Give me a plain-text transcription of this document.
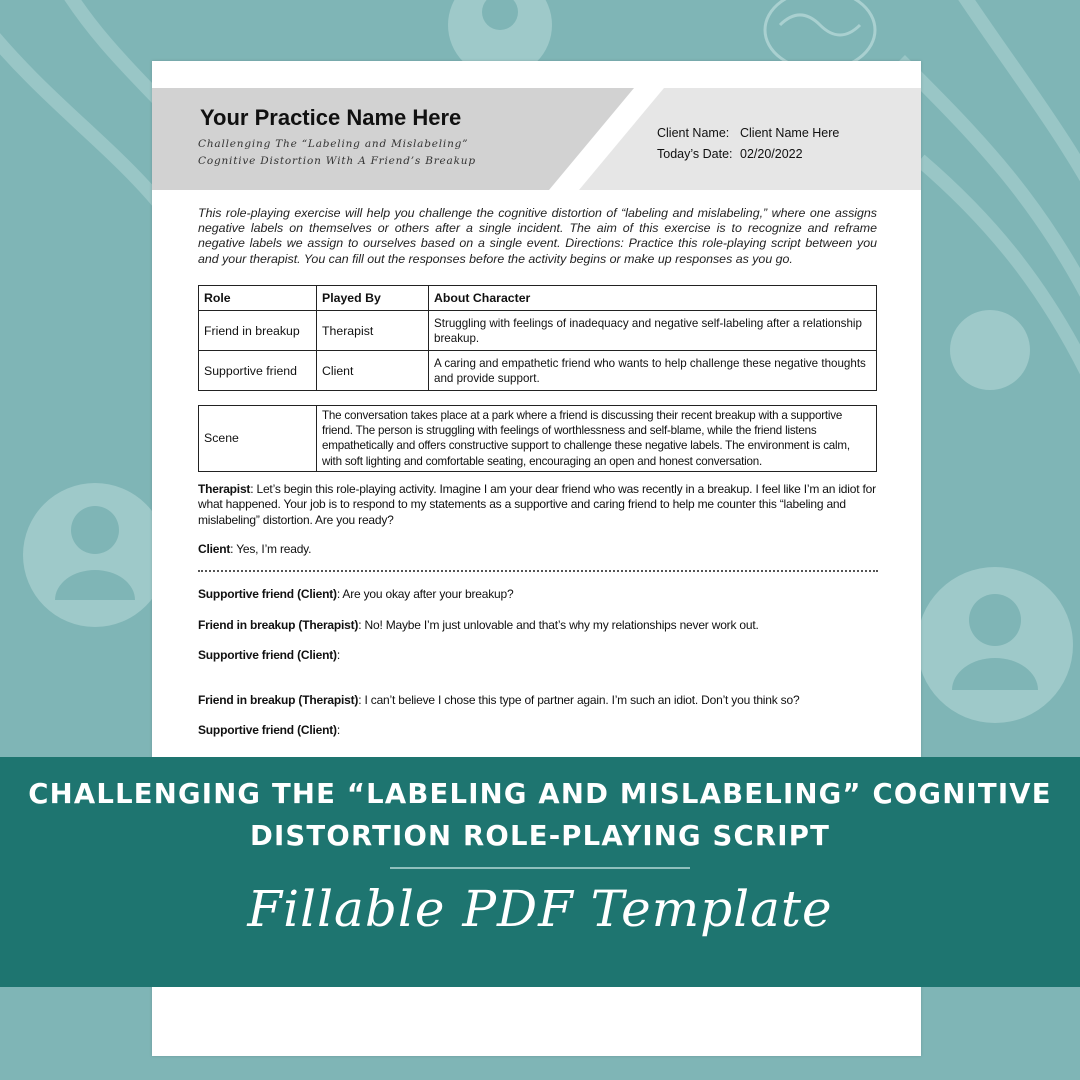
Your Practice Name Here
Challenging The “Labeling and Mislabeling”
Cognitive Distortion With A Friend’s Breakup
Client Name: Client Name Here
Today’s Date: 02/20/2022

This role-playing exercise will help you challenge the cognitive distortion of “labeling and mislabeling,” where one assigns negative labels on themselves or others after a single incident. The aim of this exercise is to recognize and reframe negative labels we assign to ourselves based on a single event. Directions: Practice this role-playing script between you and your therapist. You can fill out the responses before the activity begins or make up responses as you go.

Role	Played By	About Character
Friend in breakup	Therapist	Struggling with feelings of inadequacy and negative self-labeling after a relationship breakup.
Supportive friend	Client	A caring and empathetic friend who wants to help challenge these negative thoughts and provide support.
Scene	The conversation takes place at a park where a friend is discussing their recent breakup with a supportive friend. The person is struggling with feelings of worthlessness and self-blame, while the friend listens empathetically and offers constructive support to challenge these negative labels. The environment is calm, with soft lighting and comfortable seating, encouraging an open and honest conversation.

Therapist: Let’s begin this role-playing activity. Imagine I am your dear friend who was recently in a breakup. I feel like I’m an idiot for what happened. Your job is to respond to my statements as a supportive and caring friend to help me counter this “labeling and mislabeling” distortion. Are you ready?

Client: Yes, I’m ready.

Supportive friend (Client): Are you okay after your breakup?

Friend in breakup (Therapist): No! Maybe I’m just unlovable and that’s why my relationships never work out.

Supportive friend (Client):

Friend in breakup (Therapist): I can’t believe I chose this type of partner again. I’m such an idiot. Don’t you think so?

Supportive friend (Client):

CHALLENGING THE “LABELING AND MISLABELING” COGNITIVE
DISTORTION ROLE-PLAYING SCRIPT
Fillable PDF Template
